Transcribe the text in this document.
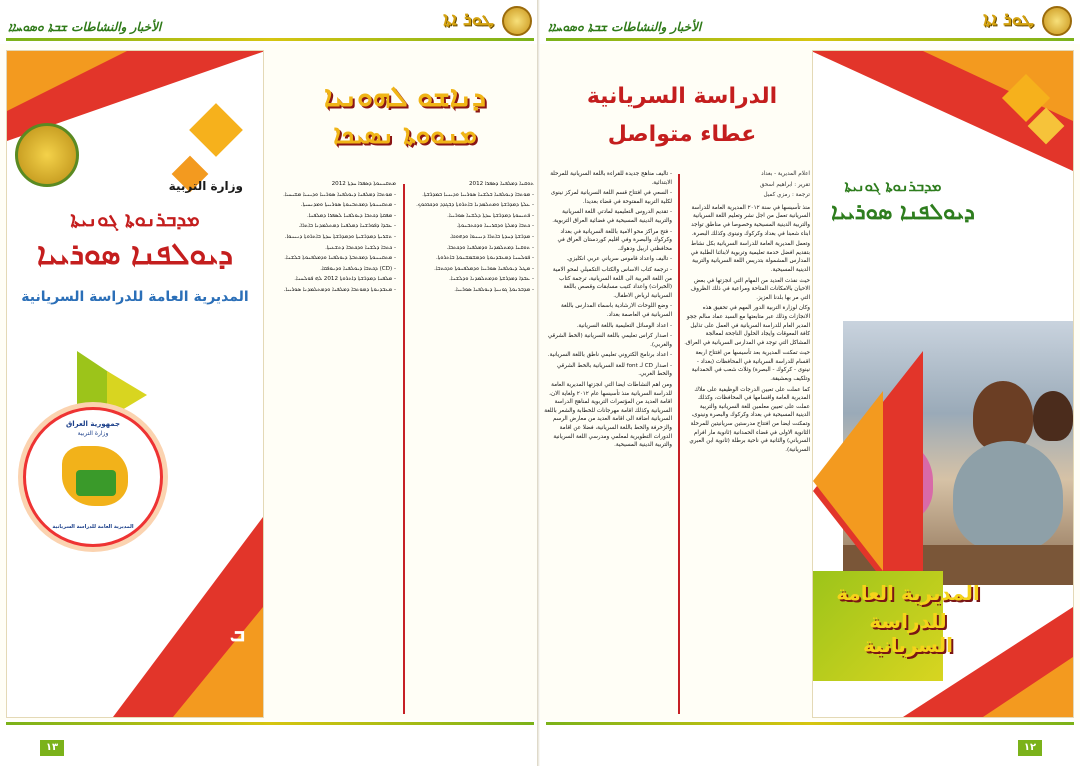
ܛܘܪ ܐܬܐ
الأخبار والنشاطات ܫܒܬܐ ܘܣܘܚܐܐ
وزارة التربية
ܡܕܒܪܢܘܬܐ ܓܘܢܝܬܐ
ܕܝܘܠܦܢܐ ܣܘܪܝܝܐ
المديرية العامة للدراسة السريانية
جمهورية العراق
وزارة التربية
المديرية العامة للدراسة السريانية
ܒ
ܕܢܐܫܘ ܠܗܘܢܝܐ
ܡܢܘܘܬܐ ܢܣܝܟܐ

ܡܬܩܢܢܘܬܐ ܕܣܦܪܐ ܚܕܬܐ 2012

- ܡܘܬܒܐ ܕܡܠܦܢܐ ܕܝܘܠܦܢܐ ܣܘܪܝܝܐ ܘܕܝܢܝܐ ܡܫܝܚܝܐ.

- ܡܬܩܢܢܘܬܐ ܕܡܟܬܒܢܘܬܐ ܣܘܪܝܝܬܐ ܘܡܕܢܚܝܬܐ.

- ܡܦܩܬܐ ܕܟܬܒܐ ܕܝܘܠܦܢܐ ܠܣܦܪܐ ܕܡܠܦܢܐ.

- ܥܒܕܐ ܕܦܘܪܫܢܐ ܕܡܠܦܢܐ ܕܡܬܠܡܕܢܐ ܒܐܬܪܐ.

- ܬܫܪܝܬܐ ܕܡܕܪܫܝܬܐ ܘܕܡܕܪܫܬܐ ܚܕܬܐ ܒܐܬܪܘܬܐ ܕܢܝܢܘܐ.

- ܟܬܒܐ ܕܠܫܢܐ ܘܕܟܬܒܐ ܕܬܫܥܝܬܐ.

- ܡܬܩܢܢܘܬܐ ܕܡܟܬܒܬܐ ܕܝܘܠܦܢܐ ܘܕܡܠܦܢܘܬܐ ܒܠܫܢܐ.

- (CD) ܕܟܬܒܐ ܕܝܘܠܦܢܐ ܘܕܢܘܦܩܐ.

- ܡܠܦܢܐ ܕܡܕܪܫܬܐ ܕܐܬܪܘܬܐ 2012 ܠܗ ܦܘܠܚܢܐ.

- ܡܥܒܕܢܘܬܐ ܕܡܘܬܒܐ ܕܡܠܦܢܐ ܘܕܡܬܠܡܕܢܐ ܣܘܪܝܝܐ.

ܬܘܩܢܐ ܕܡܠܦܢܐ ܕܣܦܪܐ 2012

- ܡܘܬܒܐ ܕܝܘܠܦܢܐ ܒܠܫܢܐ ܣܘܪܝܝܐ ܘܕܝܢܝܐ ܒܡܕܪܫܬܐ.

- ܥܠܬܐ ܕܡܕܪܫܬܐ ܘܡܬܠܡܕܢܐ ܒܐܬܪܘܬܐ ܕܒܓܕܕ ܘܕܟܪܟܘܟ.

- ܦܬܝܚܘܬܐ ܕܡܕܪܫܬܐ ܚܕܬܐ ܕܠܫܢܐ ܣܘܪܝܝܐ.

- ܟܬܒܐ ܕܡܠܬܐ ܘܕܩܪܝܢܐ ܘܕܟܬܒܢܘܬܐ.

- ܡܕܪܫܬܐ ܕܚܕܬܐ ܒܐܬܪܐ ܕܢܝܢܘܐ ܘܕܗܘܟܐ.

- ܬܘܩܢܐ ܕܡܬܠܡܕܢܐ ܘܕܡܠܦܢܐ ܘܕܟܬܒܐ.

- ܦܘܠܚܢܐ ܕܡܥܒܕܢܘܬܐ ܘܕܡܫܡܫܢܘܬܐ ܒܐܬܪܘܬܐ.

- ܡܛܠ ܕܝܘܠܦܢܐ ܣܘܪܝܝܐ ܘܕܡܠܦܢܘܬܐ ܘܕܟܬܒܐ.

- ܥܒܕܐ ܕܡܕܪܫܬܐ ܘܕܡܬܠܡܕܢܐ ܘܕܠܫܢܐ.

- ܡܕܒܪܢܘܬܐ ܓܘܢܝܬܐ ܕܝܘܠܦܢܐ ܣܘܪܝܝܐ.

١٣
ܛܘܪ ܐܬܐ
الأخبار والنشاطات ܫܒܬܐ ܘܣܘܚܐܐ
الدراسة السريانية
عطاء متواصل

- تاليف مناهج جديدة للقراءة باللغة السريانية للمرحلة الابتدائية.

- السعي في افتتاح قسم اللغة السريانية لمركز نينوى لكلية التربية المفتوحة في قضاء بغديدا.

- تقديم الدروس التعليمية لمادتي اللغة السريانية والتربية الدينية المسيحية في فضائية العراق التربوية.

- فتح مراكز محو الامية باللغة السريانية في بغداد وكركوك والبصرة وفي اقليم كوردستان العراق في محافظتي اربيل ودهوك.

- تاليف واعداد قاموس سرياني عربي انكليزي.

- ترجمة كتاب الاساس والكتاب التكميلي لمحو الامية من اللغة العربية الى اللغة السريانية، ترجمة كتاب (الخبرات) واعداد كتيب مسابقات وقصص باللغة السريانية لرياض الاطفال.

- وضع اللوحات الارشادية باسماء المدارس باللغة السريانية في العاصمة بغداد.

- اعداد الوسائل التعليمية باللغة السريانية.

- اصدار كراس تعليمي باللغة السريانية (الخط الشرقي والغربي).

- اعداد برنامج الكتروني تعليمي ناطق باللغة السريانية.

- اصدار CD لـ font للغة السريانية بالخط الشرقي والخط الغربي.

ومن اهم النشاطات ايضا التي انجزتها المديرية العامة للدراسة السريانية منذ تأسيسها عام ٢٠١٢ ولغاية الان، اقامة العديد من المؤتمرات التربوية لمناهج الدراسة السريانية وكذلك اقامة مهرجانات للخطابة والشعر باللغة السريانية اضافة الى اقامة العديد من معارض الرسم والزخرفة والخط باللغة السريانية، فضلا عن اقامة الدورات التطويرية لمعلمي ومدرسي اللغة السريانية والتربية الدينية المسيحية.

اعلام المديرية - بغداد

تقرير : ابراهيم اسحق

ترجمة : رمزي كميل

منذ تأسيسها في سنة ٢٠١٢ المديرية العامة للدراسة السريانية تعمل من اجل نشر وتعليم اللغة السريانية والتربية الدينية المسيحية وخصوصا في مناطق تواجد ابناء شعبنا في بغداد وكركوك ونينوى وكذلك البصرة.

وتعمل المديرية العامة للدراسة السريانية بكل نشاط بتقديم افضل خدمة تعليمية وتربوية لابنائنا الطلبة في المدارس المشمولة بتدريس اللغة السريانية والتربية الدينية المسيحية.

حيث نفذت العديد من المهام التي انجزتها في بعض الاحيان بالامكانات المتاحة ومراعية في ذلك الظروف التي مر بها بلدنا العزيز.

وكان لوزارة التربية الدور المهم في تحقيق هذه الانجازات وذلك عبر متابعتها مع السيد عماد سالم ججو المدير العام للدراسة السريانية في العمل على تذليل كافة المعوقات وايجاد الحلول الناجحة لمعالجة المشاكل التي توجد في المدارس السريانية في العراق.

حيث تمكنت المديرية بعد تأسيسها من افتتاح اربعة اقسام للدراسة السريانية في المحافظات (بغداد - نينوى - كركوك - البصرة) وثلاث شعب في الحمدانية وتلكيف وبعشيقة.

كما عملت على تعيين الدرجات الوظيفية على ملاك المديرية العامة واقسامها في المحافظات، وكذلك عملت على تعيين معلمين للغة السريانية والتربية الدينية المسيحية في بغداد وكركوك والبصرة ونينوى، وتمكنت ايضا من افتتاح مدرستين سريانيتين للمرحلة الثانوية الاولى في قضاء الحمدانية (ثانوية مار افرام السرياني) والثانية في ناحية برطلة (ثانوية ابن العبري السريانية).

ܡܕܒܪܢܘܬܐ ܓܘܢܝܬܐ
ܕܝܘܠܦܢܐ ܣܘܪܝܝܐ
المديرية العامة
للدراسة السريانية
١٢
